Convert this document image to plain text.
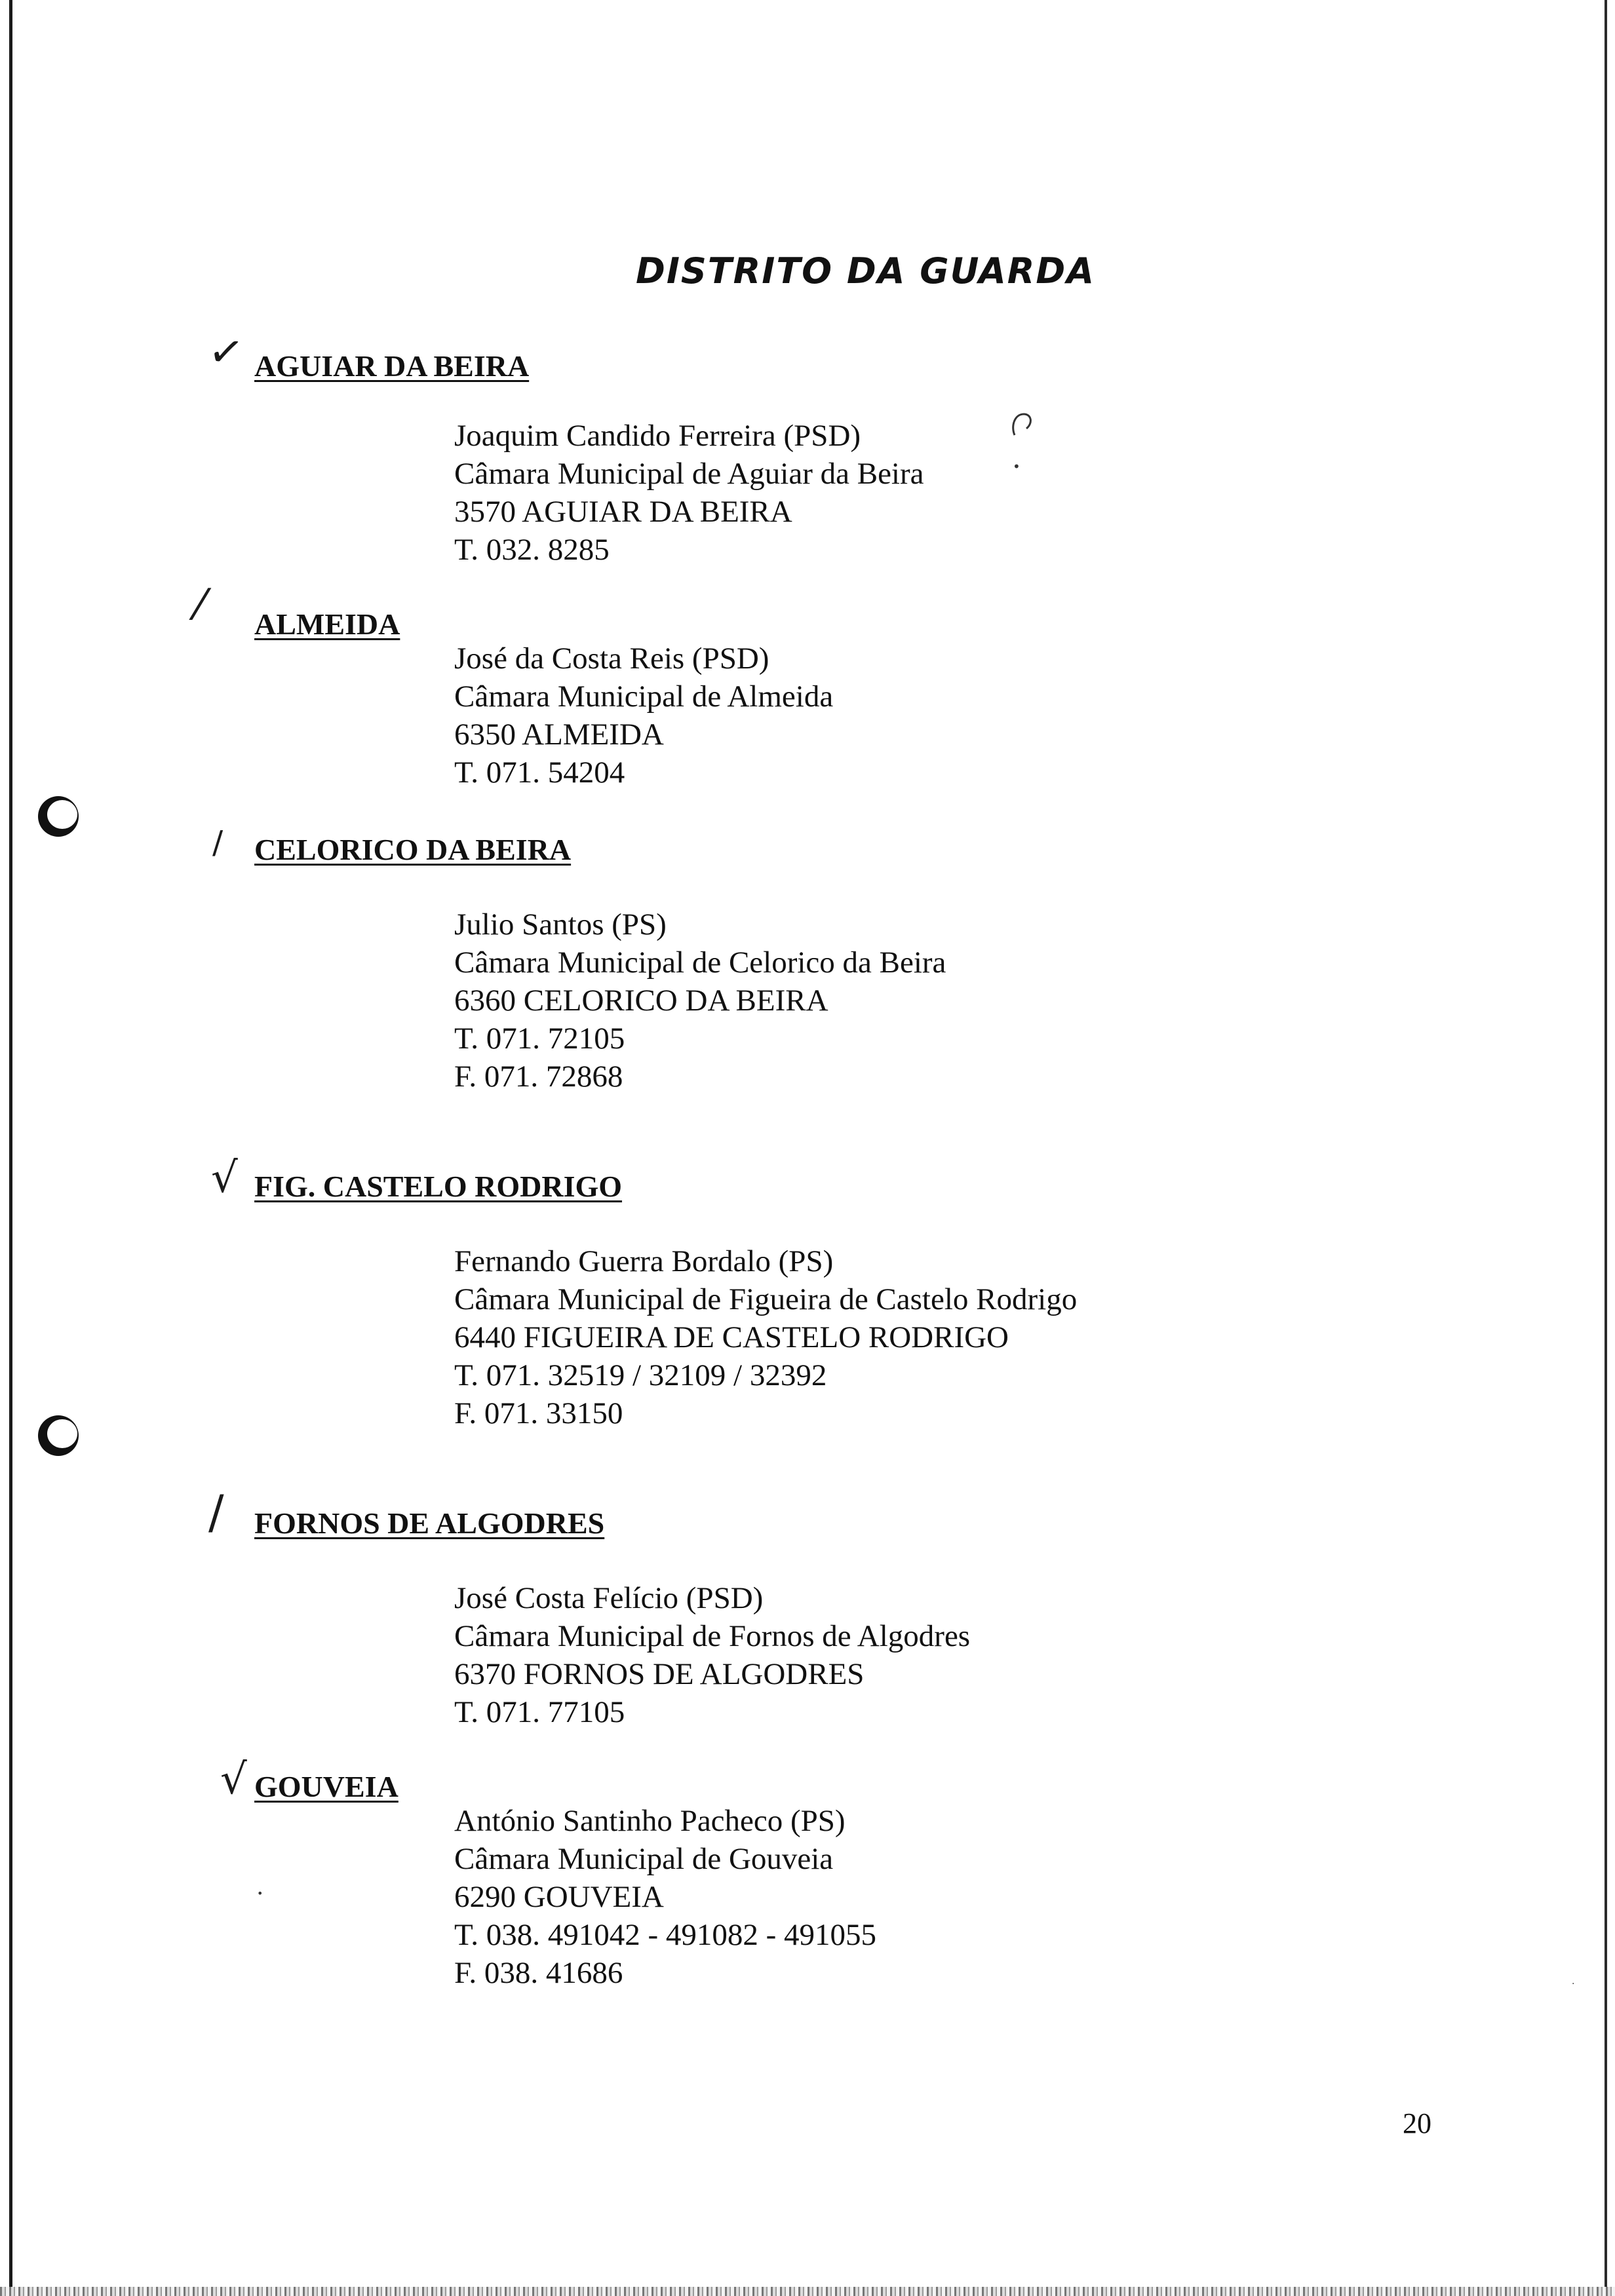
DISTRITO DA GUARDA
✓ AGUIAR DA BEIRA
Joaquim Candido Ferreira (PSD)
Câmara Municipal de Aguiar da Beira
3570 AGUIAR DA BEIRA
T. 032. 8285
⁄ ALMEIDA
José da Costa Reis (PSD)
Câmara Municipal de Almeida
6350 ALMEIDA
T. 071. 54204
/ CELORICO DA BEIRA
Julio Santos (PS)
Câmara Municipal de Celorico da Beira
6360 CELORICO DA BEIRA
T. 071. 72105
F. 071. 72868
√ FIG. CASTELO RODRIGO
Fernando Guerra Bordalo (PS)
Câmara Municipal de Figueira de Castelo Rodrigo
6440 FIGUEIRA DE CASTELO RODRIGO
T. 071. 32519 / 32109 / 32392
F. 071. 33150
/ FORNOS DE ALGODRES
José Costa Felício (PSD)
Câmara Municipal de Fornos de Algodres
6370 FORNOS DE ALGODRES
T. 071. 77105
√ GOUVEIA
António Santinho Pacheco (PS)
Câmara Municipal de Gouveia
6290 GOUVEIA
T. 038. 491042 - 491082 - 491055
F. 038. 41686
•
•
·
20
